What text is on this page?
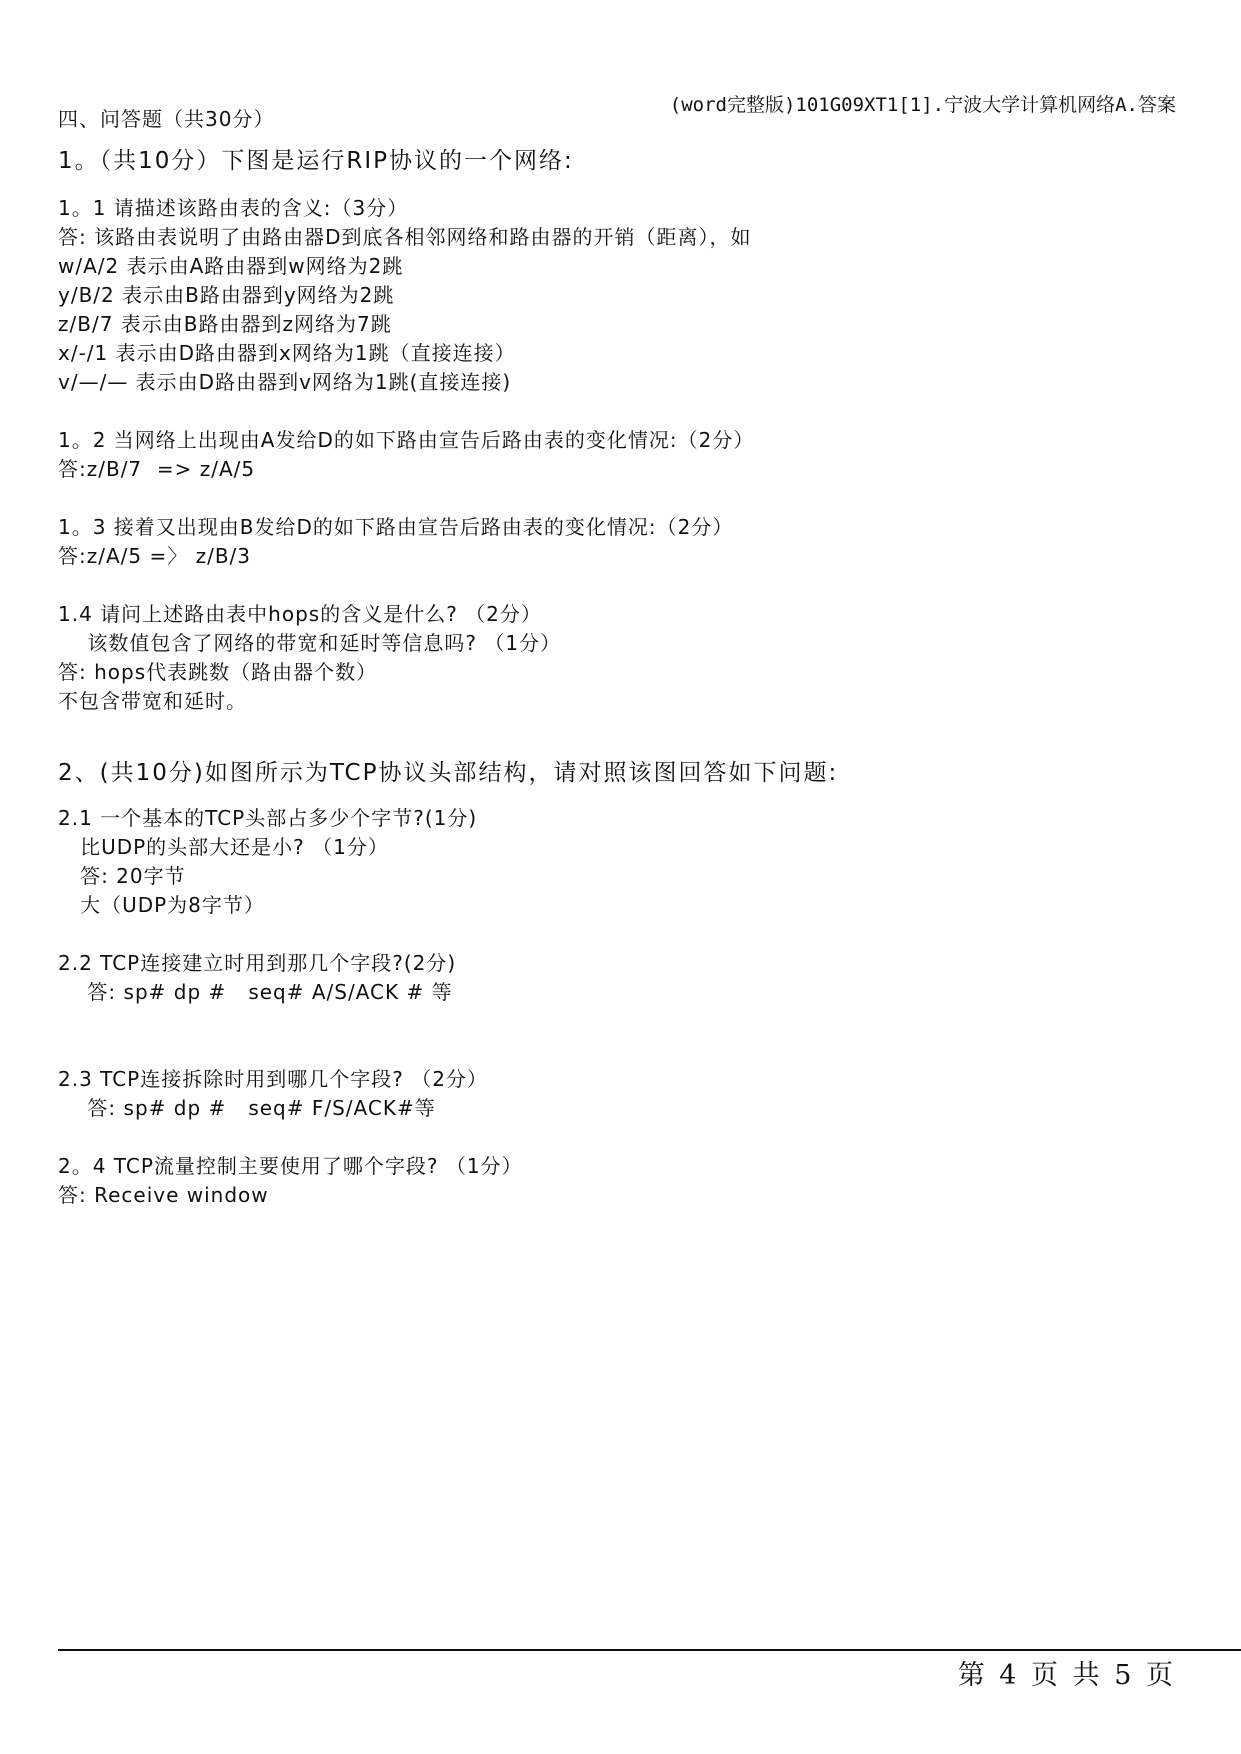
(word完整版)101G09XT1[1].宁波大学计算机网络A.答案
四、问答题（共30分）
1。（共10分）下图是运行RIP协议的一个网络:
1。1 请描述该路由表的含义:（3分）
答: 该路由表说明了由路由器D到底各相邻网络和路由器的开销（距离），如
w/A/2 表示由A路由器到w网络为2跳
y/B/2 表示由B路由器到y网络为2跳
z/B/7 表示由B路由器到z网络为7跳
x/-/1 表示由D路由器到x网络为1跳（直接连接）
v/—/— 表示由D路由器到v网络为1跳(直接连接)
1。2 当网络上出现由A发给D的如下路由宣告后路由表的变化情况:（2分）
答:z/B/7  => z/A/5
1。3 接着又出现由B发给D的如下路由宣告后路由表的变化情况:（2分）
答:z/A/5 =〉 z/B/3
1.4 请问上述路由表中hops的含义是什么? （2分）
该数值包含了网络的带宽和延时等信息吗? （1分）
答: hops代表跳数（路由器个数）
不包含带宽和延时。
2、(共10分)如图所示为TCP协议头部结构，请对照该图回答如下问题:
2.1 一个基本的TCP头部占多少个字节?(1分)
比UDP的头部大还是小? （1分）
答: 20字节
大（UDP为8字节）
2.2 TCP连接建立时用到那几个字段?(2分)
答: sp# dp #   seq# A/S/ACK # 等
2.3 TCP连接拆除时用到哪几个字段? （2分）
答: sp# dp #   seq# F/S/ACK#等
2。4 TCP流量控制主要使用了哪个字段? （1分）
答: Receive window
第 4 页 共 5 页
